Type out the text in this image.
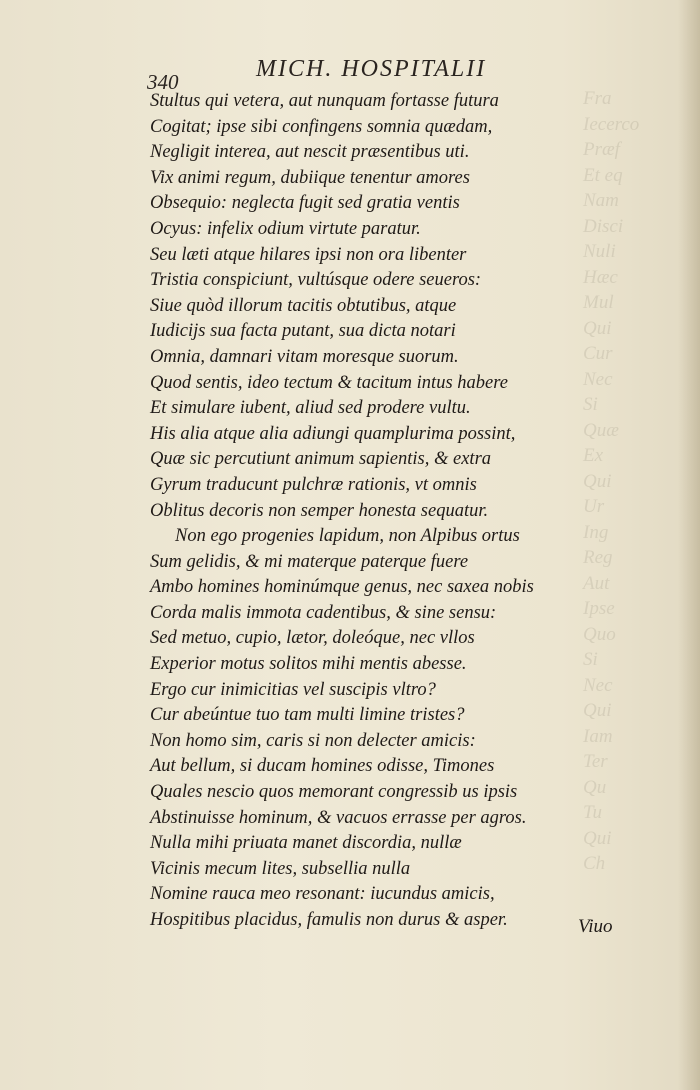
Fra
Iecerco
Præf
Et eq
Nam
Disci
Nuli
Hæc
Mul
Qui
Cur
Nec
Si
Quæ
Ex
Qui
Ur
Ing
Reg
Aut
Ipse
Quo
Si
Nec
Qui
Iam
Ter
Qu
Tu
Qui
Ch
340	MICH. HOSPITALII
Stultus qui vetera, aut nunquam fortasse futura
Cogitat; ipse sibi confingens somnia quædam,
Negligit interea, aut nescit præsentibus uti.
Vix animi regum, dubiique tenentur amores
Obsequio: neglecta fugit sed gratia ventis
Ocyus: infelix odium virtute paratur.
Seu læti atque hilares ipsi non ora libenter
Tristia conspiciunt, vultúsque odere seueros:
Siue quòd illorum tacitis obtutibus, atque
Iudicijs sua facta putant, sua dicta notari
Omnia, damnari vitam moresque suorum.
Quod sentis, ideo tectum & tacitum intus habere
Et simulare iubent, aliud sed prodere vultu.
His alia atque alia adiungi quamplurima possint,
Quæ sic percutiunt animum sapientis, & extra
Gyrum traducunt pulchræ rationis, vt omnis
Oblitus decoris non semper honesta sequatur.
Non ego progenies lapidum, non Alpibus ortus
Sum gelidis, & mi materque paterque fuere
Ambo homines hominúmque genus, nec saxea nobis
Corda malis immota cadentibus, & sine sensu:
Sed metuo, cupio, lætor, doleóque, nec vllos
Experior motus solitos mihi mentis abesse.
Ergo cur inimicitias vel suscipis vltro?
Cur abeúntue tuo tam multi limine tristes?
Non homo sim, caris si non delecter amicis:
Aut bellum, si ducam homines odisse, Timones
Quales nescio quos memorant congressib us ipsis
Abstinuisse hominum, & vacuos errasse per agros.
Nulla mihi priuata manet discordia, nullæ
Vicinis mecum lites, subsellia nulla
Nomine rauca meo resonant: iucundus amicis,
Hospitibus placidus, famulis non durus & asper.	Viuo
